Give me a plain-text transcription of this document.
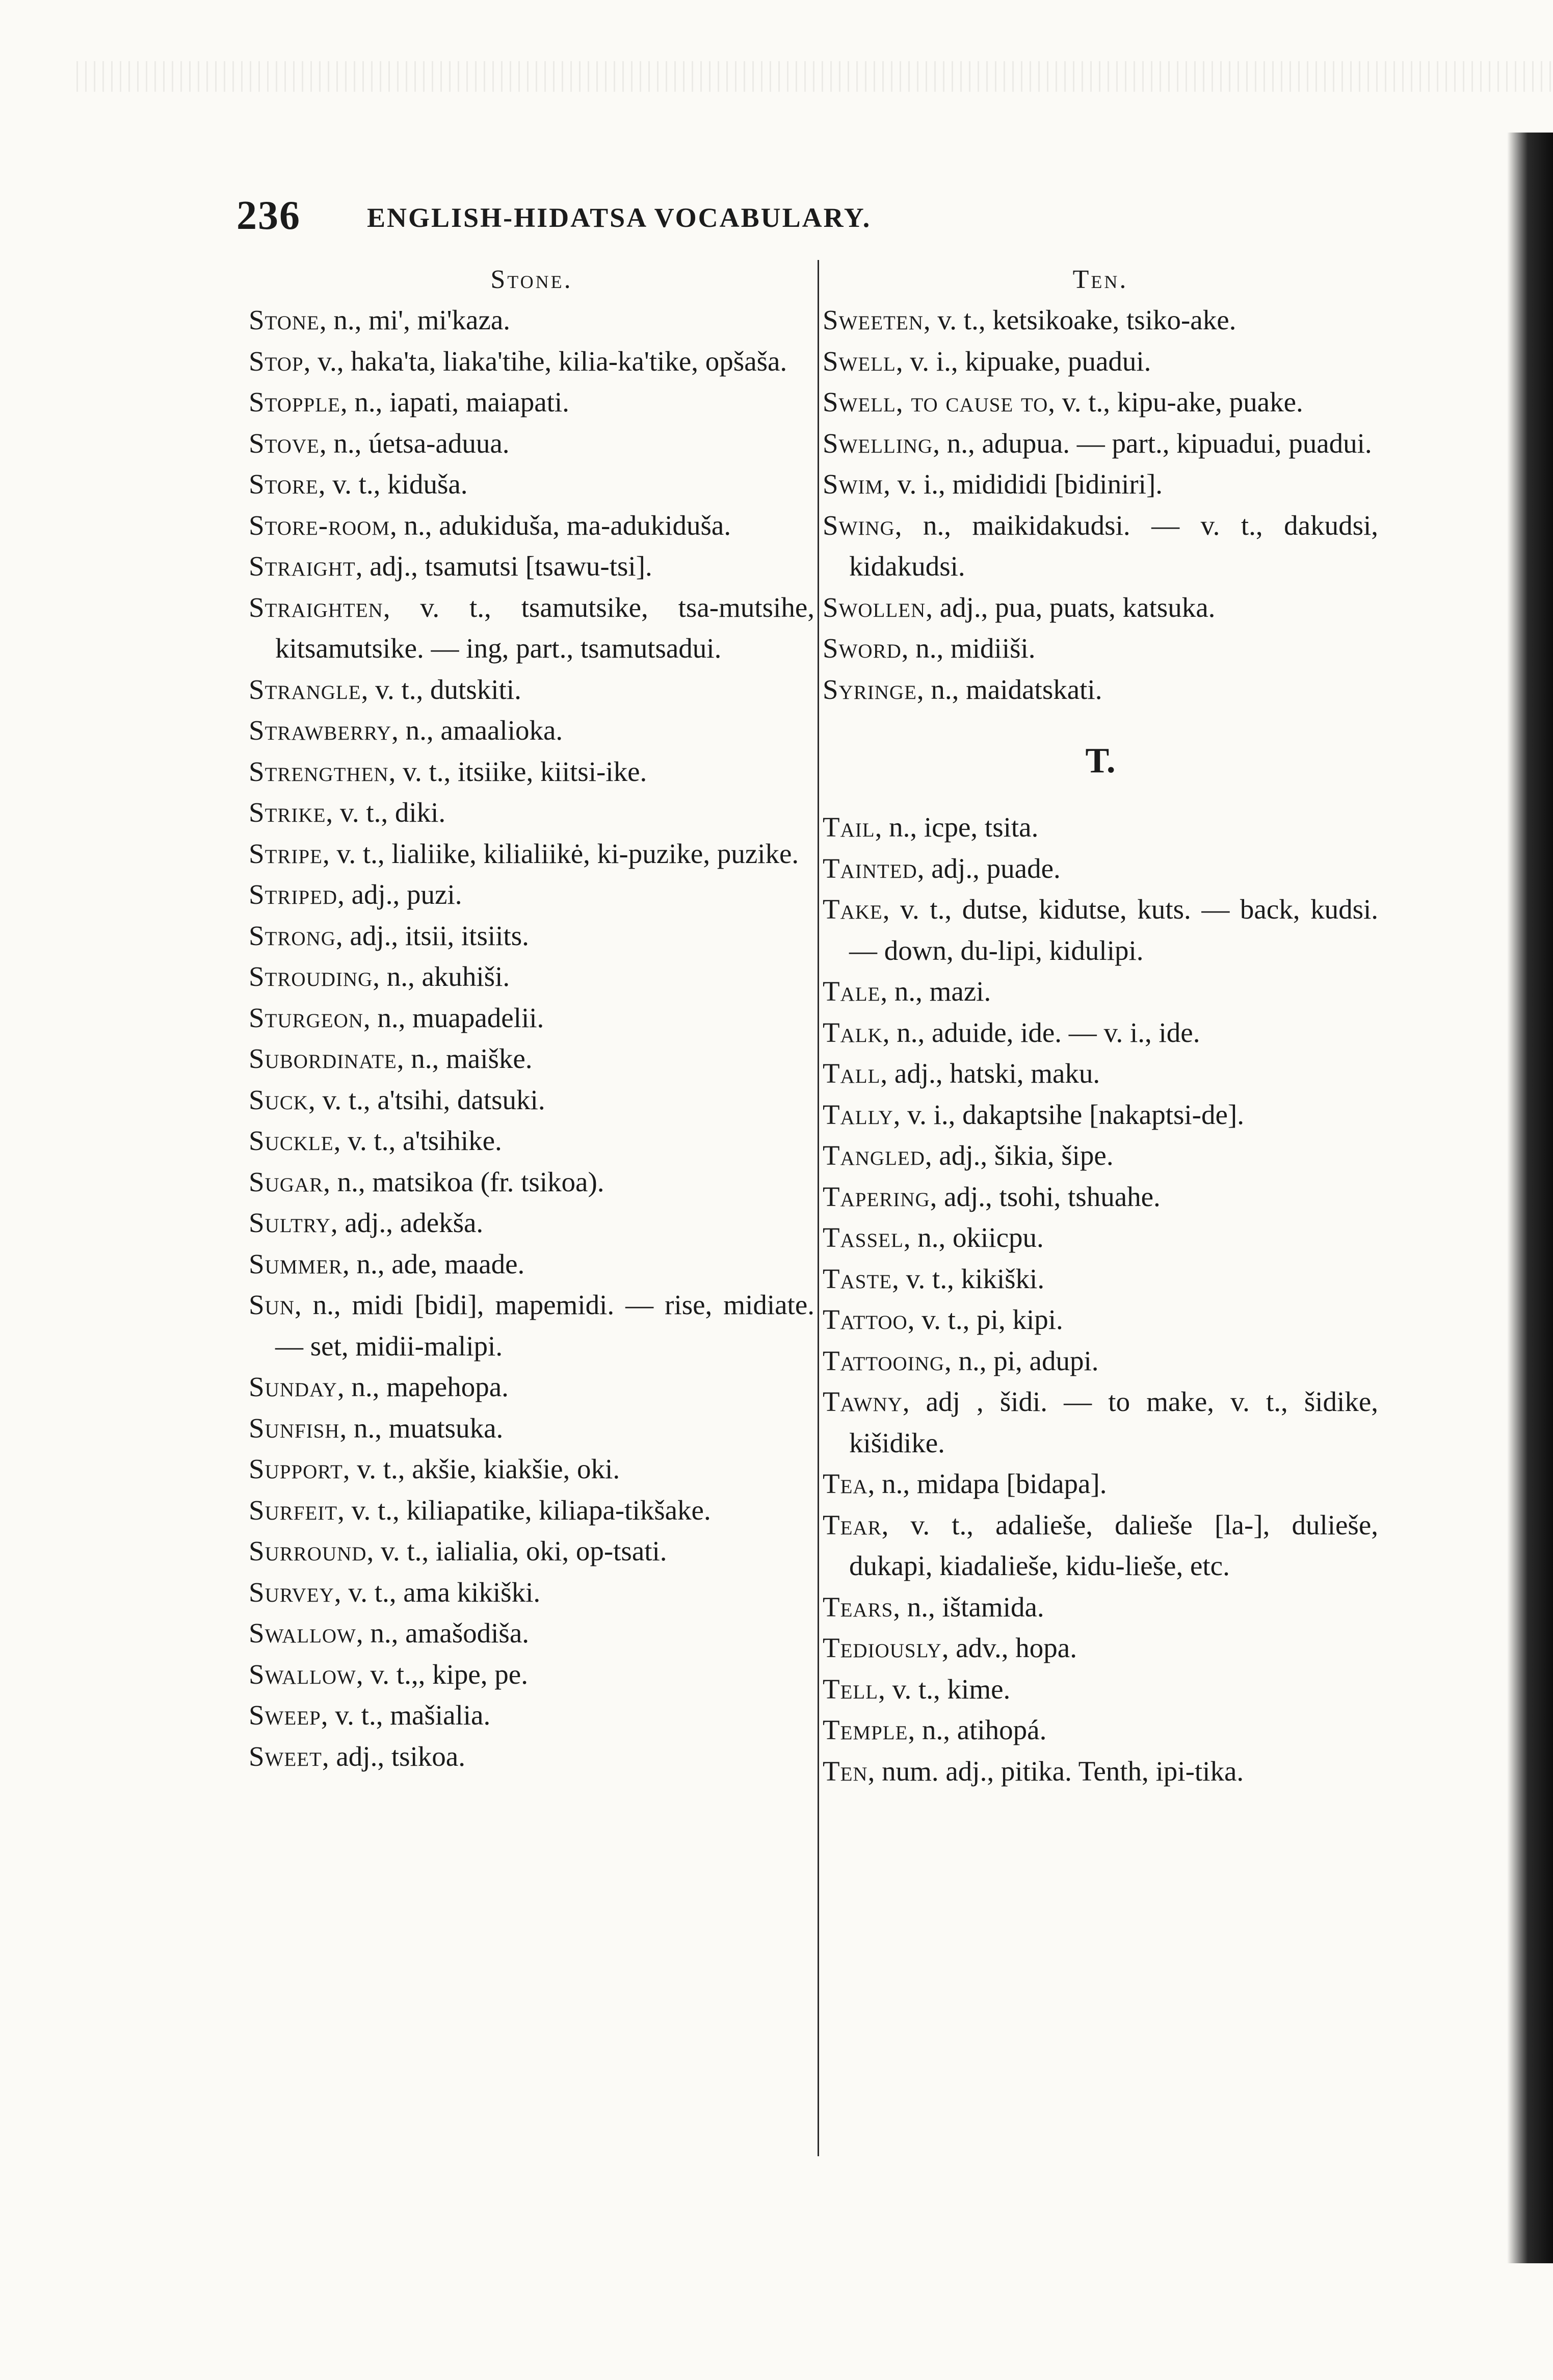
236 ENGLISH-HIDATSA VOCABULARY.
Stone.
Stone, n., mi', mi'kaza.
Stop, v., haka'ta, liaka'tihe, kilia-ka'tike, opšaša.
Stopple, n., iapati, maiapati.
Stove, n., úetsa-aduua.
Store, v. t., kiduša.
Store-room, n., adukiduša, ma-adukiduša.
Straight, adj., tsamutsi [tsawu-tsi].
Straighten, v. t., tsamutsike, tsa-mutsihe, kitsamutsike. — ing, part., tsamutsadui.
Strangle, v. t., dutskiti.
Strawberry, n., amaalioka.
Strengthen, v. t., itsiike, kiitsi-ike.
Strike, v. t., diki.
Stripe, v. t., lialiike, kilialiikė, ki-puzike, puzike.
Striped, adj., puzi.
Strong, adj., itsii, itsiits.
Strouding, n., akuhiši.
Sturgeon, n., muapadelii.
Subordinate, n., maiške.
Suck, v. t., a'tsihi, datsuki.
Suckle, v. t., a'tsihike.
Sugar, n., matsikoa (fr. tsikoa).
Sultry, adj., adekša.
Summer, n., ade, maade.
Sun, n., midi [bidi], mapemidi. — rise, midiate. — set, midii-malipi.
Sunday, n., mapehopa.
Sunfish, n., muatsuka.
Support, v. t., akšie, kiakšie, oki.
Surfeit, v. t., kiliapatike, kiliapa-tikšake.
Surround, v. t., ialialia, oki, op-tsati.
Survey, v. t., ama kikiški.
Swallow, n., amašodiša.
Swallow, v. t.,, kipe, pe.
Sweep, v. t., mašialia.
Sweet, adj., tsikoa.
Ten.
Sweeten, v. t., ketsikoake, tsiko-ake.
Swell, v. i., kipuake, puadui.
Swell, to cause to, v. t., kipu-ake, puake.
Swelling, n., adupua. — part., kipuadui, puadui.
Swim, v. i., midididi [bidiniri].
Swing, n., maikidakudsi. — v. t., dakudsi, kidakudsi.
Swollen, adj., pua, puats, katsuka.
Sword, n., midiiši.
Syringe, n., maidatskati.
T.
Tail, n., icpe, tsita.
Tainted, adj., puade.
Take, v. t., dutse, kidutse, kuts. — back, kudsi. — down, du-lipi, kidulipi.
Tale, n., mazi.
Talk, n., aduide, ide. — v. i., ide.
Tall, adj., hatski, maku.
Tally, v. i., dakaptsihe [nakaptsi-de].
Tangled, adj., šikia, šipe.
Tapering, adj., tsohi, tshuahe.
Tassel, n., okiicpu.
Taste, v. t., kikiški.
Tattoo, v. t., pi, kipi.
Tattooing, n., pi, adupi.
Tawny, adj , šidi. — to make, v. t., šidike, kišidike.
Tea, n., midapa [bidapa].
Tear, v. t., adalieše, dalieše [la-], dulieše, dukapi, kiadalieše, kidu-lieše, etc.
Tears, n., ištamida.
Tediously, adv., hopa.
Tell, v. t., kime.
Temple, n., atihopá.
Ten, num. adj., pitika. Tenth, ipi-tika.
